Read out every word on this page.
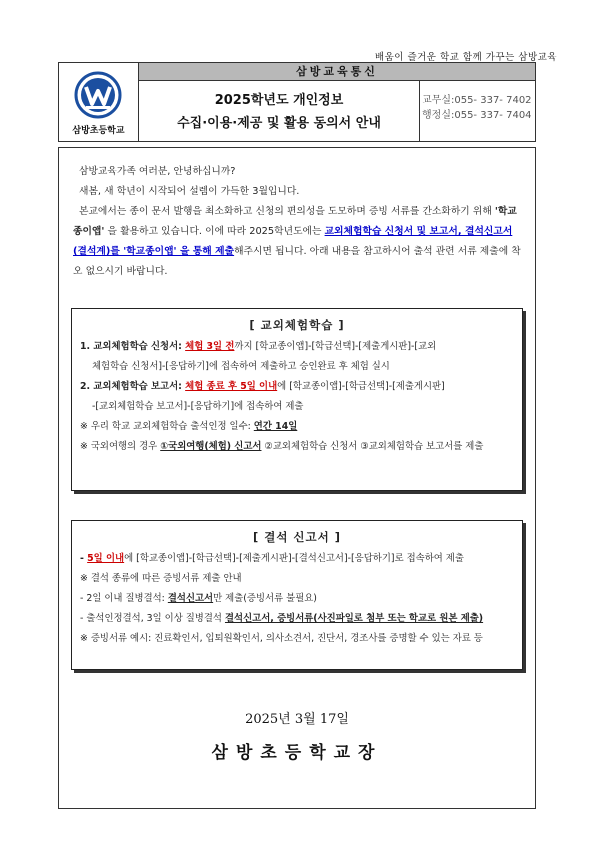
배움이 즐거운 학교 함께 가꾸는 삼방교육
삼방초등학교
삼방교육통신
2025학년도 개인정보
수집·이용·제공 및 활용 동의서 안내
교무실:055- 337- 7402
행정실:055- 337- 7404

삼방교육가족 여러분, 안녕하십니까?

새봄, 새 학년이 시작되어 설렘이 가득한 3월입니다.

본교에서는 종이 문서 발행을 최소화하고 신청의 편의성을 도모하며 증빙 서류를 간소화하기 위해 '학교종이앱' 을 활용하고 있습니다. 이에 따라 2025학년도에는 교외체험학습 신청서 및 보고서, 결석신고서(결석계)를 '학교종이앱' 을 통해 제출해주시면 됩니다. 아래 내용을 참고하시어 출석 관련 서류 제출에 착오 없으시기 바랍니다.

[ 교외체험학습 ]

1. 교외체험학습 신청서: 체험 3일 전까지 [학교종이앱]-[학급선택]-[제출게시판]-[교외

체험학습 신청서]-[응답하기]에 접속하여 제출하고 승인완료 후 체험 실시

2. 교외체험학습 보고서: 체험 종료 후 5일 이내에 [학교종이앱]-[학급선택]-[제출게시판]

-[교외체험학습 보고서]-[응답하기]에 접속하여 제출

※ 우리 학교 교외체험학습 출석인정 일수: 연간 14일

※ 국외여행의 경우 ①국외여행(체험) 신고서 ②교외체험학습 신청서 ③교외체험학습 보고서를 제출

[ 결석 신고서 ]

- 5일 이내에 [학교종이앱]-[학급선택]-[제출게시판]-[결석신고서]-[응답하기]로 접속하여 제출

※ 결석 종류에 따른 증빙서류 제출 안내

- 2일 이내 질병결석: 결석신고서만 제출(증빙서류 불필요)

- 출석인정결석, 3일 이상 질병결석 결석신고서, 증빙서류(사진파일로 첨부 또는 학교로 원본 제출)

※ 증빙서류 예시: 진료확인서, 입퇴원확인서, 의사소견서, 진단서, 경조사를 증명할 수 있는 자료 등

2025년 3월 17일
삼방초등학교장
